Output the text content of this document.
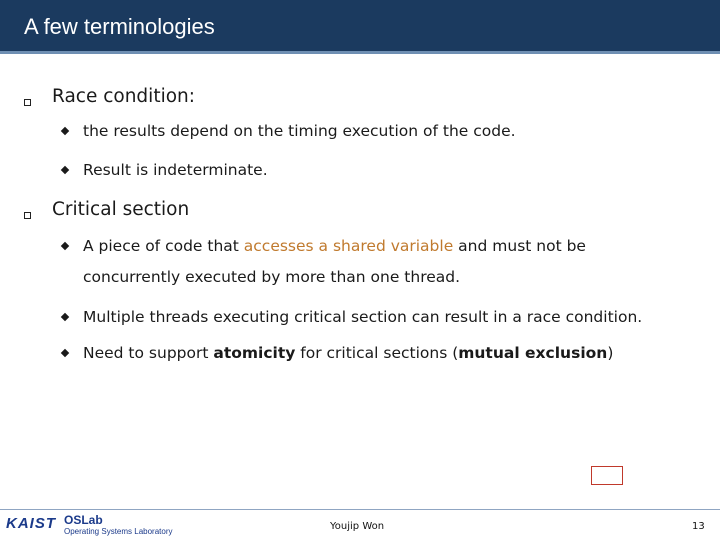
A few terminologies
Race condition:
the results depend on the timing execution of the code.
Result is indeterminate.
Critical section
A piece of code that accesses a shared variable and must not be
concurrently executed by more than one thread.
Multiple threads executing critical section can result in a race condition.
Need to support atomicity for critical sections (mutual exclusion)
KAIST OSLab
Operating Systems Laboratory	Youjip Won	13
